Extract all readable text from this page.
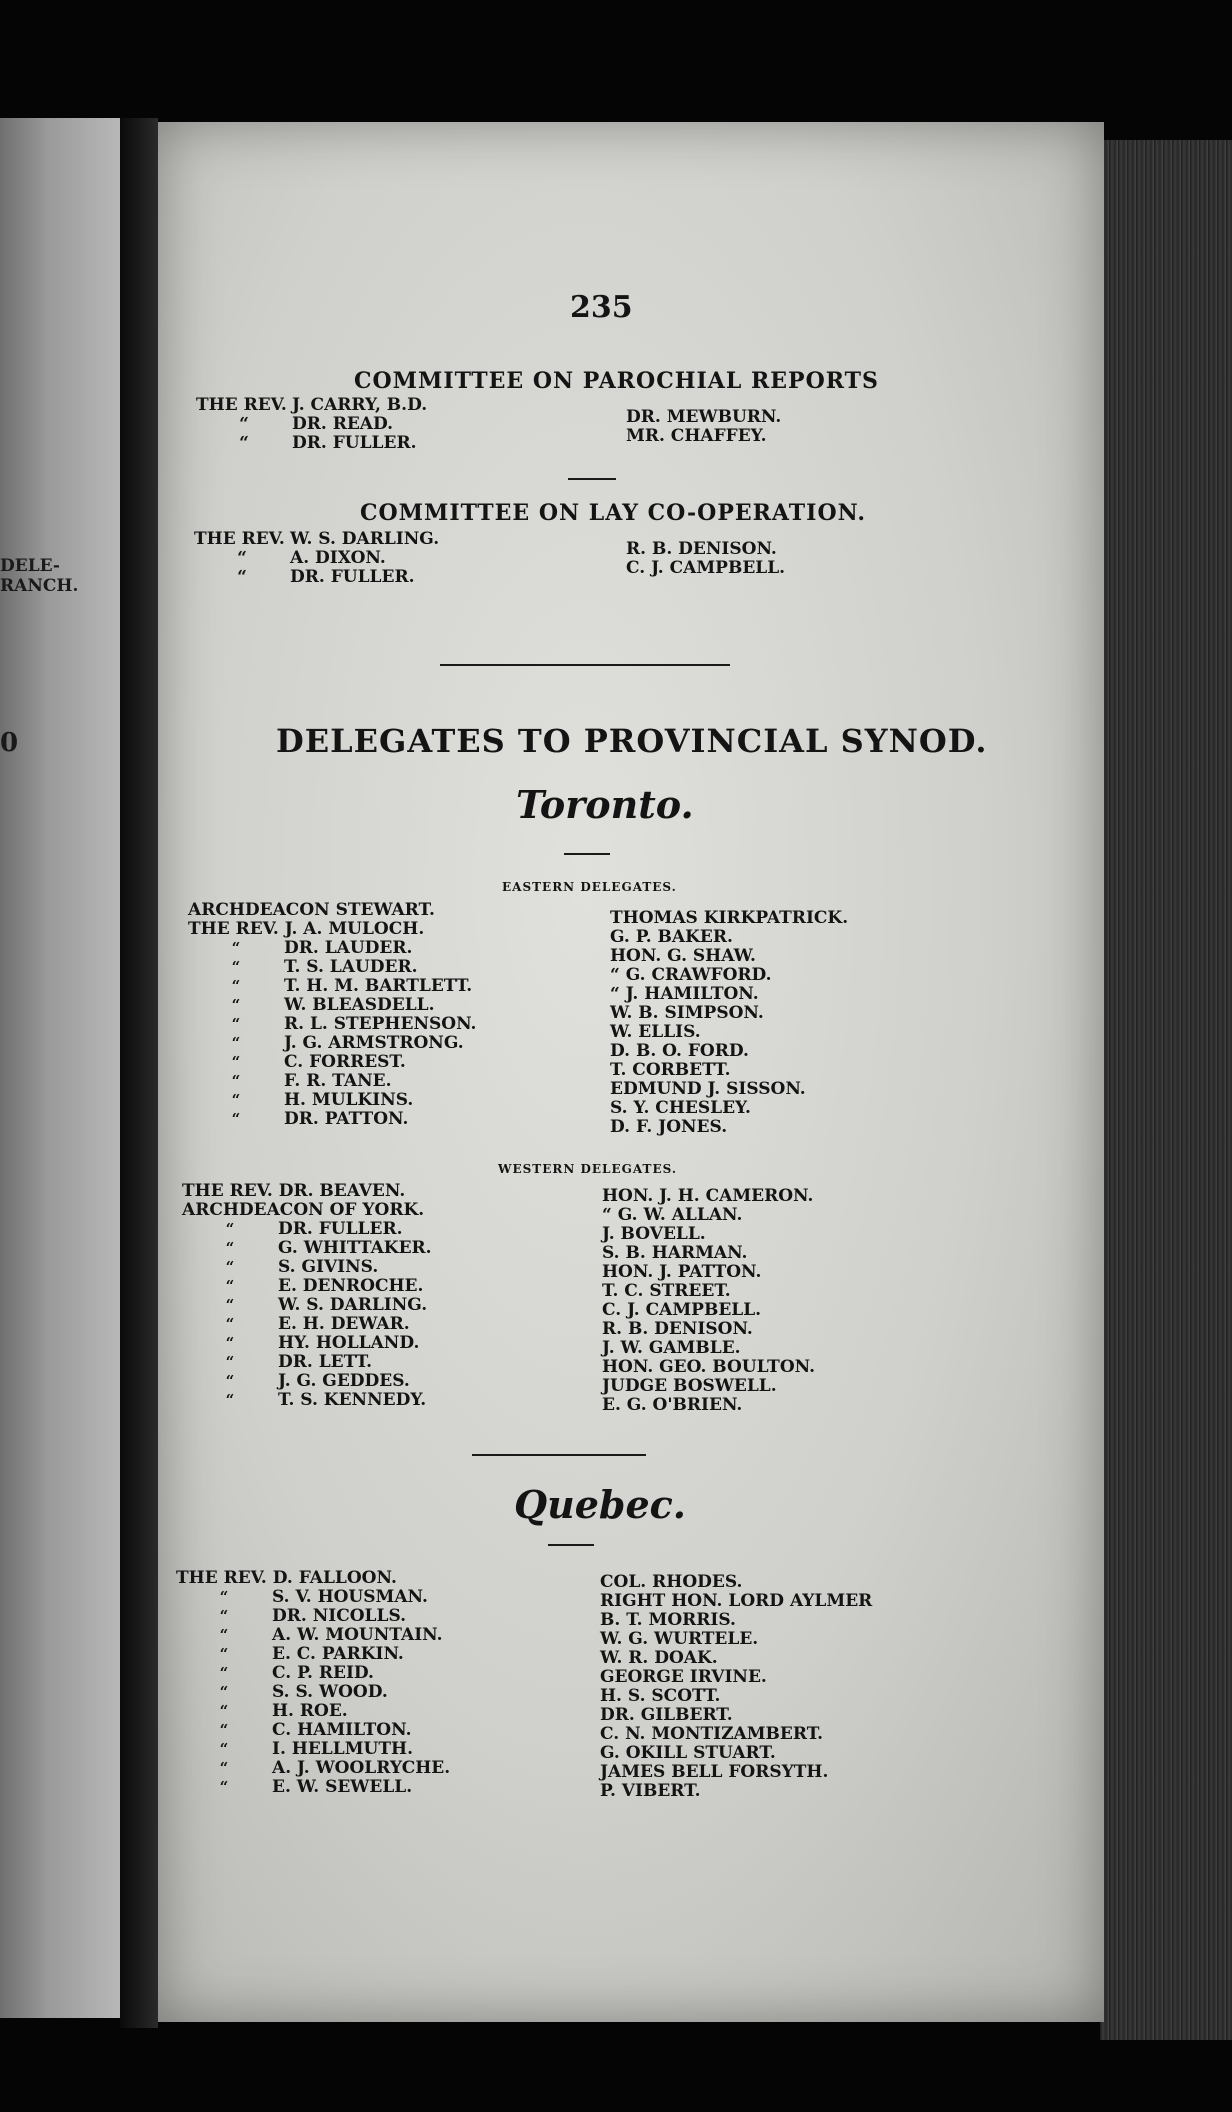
DELE-
RANCH.
0
235
COMMITTEE ON PAROCHIAL REPORTS
THE REV. J. CARRY, B.D.
“	DR. READ.
“	DR. FULLER.
DR. MEWBURN.
MR. CHAFFEY.
COMMITTEE ON LAY CO-OPERATION.
THE REV. W. S. DARLING.
“	A. DIXON.
“	DR. FULLER.
R. B. DENISON.
C. J. CAMPBELL.
DELEGATES TO PROVINCIAL SYNOD.
Toronto.
EASTERN DELEGATES.
ARCHDEACON STEWART.
THE REV. J. A. MULOCH.
“	DR. LAUDER.
“	T. S. LAUDER.
“	T. H. M. BARTLETT.
“	W. BLEASDELL.
“	R. L. STEPHENSON.
“	J. G. ARMSTRONG.
“	C. FORREST.
“	F. R. TANE.
“	H. MULKINS.
“	DR. PATTON.
THOMAS KIRKPATRICK.
G. P. BAKER.
HON. G. SHAW.
“ G. CRAWFORD.
“ J. HAMILTON.
W. B. SIMPSON.
W. ELLIS.
D. B. O. FORD.
T. CORBETT.
EDMUND J. SISSON.
S. Y. CHESLEY.
D. F. JONES.
WESTERN DELEGATES.
THE REV. DR. BEAVEN.
ARCHDEACON OF YORK.
“	DR. FULLER.
“	G. WHITTAKER.
“	S. GIVINS.
“	E. DENROCHE.
“	W. S. DARLING.
“	E. H. DEWAR.
“	HY. HOLLAND.
“	DR. LETT.
“	J. G. GEDDES.
“	T. S. KENNEDY.
HON. J. H. CAMERON.
“ G. W. ALLAN.
J. BOVELL.
S. B. HARMAN.
HON. J. PATTON.
T. C. STREET.
C. J. CAMPBELL.
R. B. DENISON.
J. W. GAMBLE.
HON. GEO. BOULTON.
JUDGE BOSWELL.
E. G. O'BRIEN.
Quebec.
THE REV. D. FALLOON.
“	S. V. HOUSMAN.
“	DR. NICOLLS.
“	A. W. MOUNTAIN.
“	E. C. PARKIN.
“	C. P. REID.
“	S. S. WOOD.
“	H. ROE.
“	C. HAMILTON.
“	I. HELLMUTH.
“	A. J. WOOLRYCHE.
“	E. W. SEWELL.
COL. RHODES.
RIGHT HON. LORD AYLMER
B. T. MORRIS.
W. G. WURTELE.
W. R. DOAK.
GEORGE IRVINE.
H. S. SCOTT.
DR. GILBERT.
C. N. MONTIZAMBERT.
G. OKILL STUART.
JAMES BELL FORSYTH.
P. VIBERT.
